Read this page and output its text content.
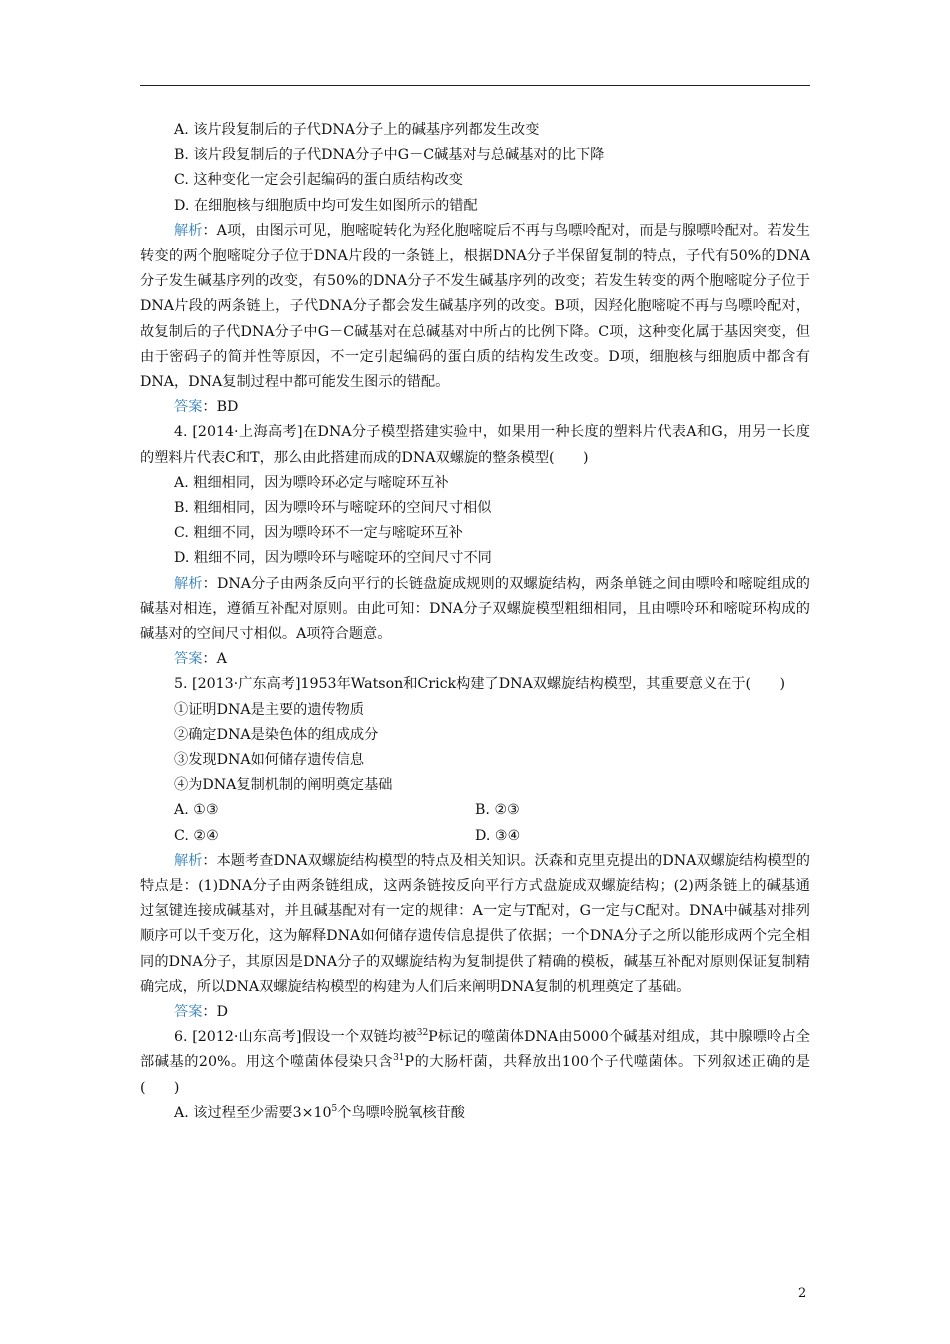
A. 该片段复制后的子代DNA分子上的碱基序列都发生改变

B. 该片段复制后的子代DNA分子中G－C碱基对与总碱基对的比下降

C. 这种变化一定会引起编码的蛋白质结构改变

D. 在细胞核与细胞质中均可发生如图所示的错配

解析：A项，由图示可见，胞嘧啶转化为羟化胞嘧啶后不再与鸟嘌呤配对，而是与腺嘌呤配对。若发生转变的两个胞嘧啶分子位于DNA片段的一条链上，根据DNA分子半保留复制的特点，子代有50%的DNA分子发生碱基序列的改变，有50%的DNA分子不发生碱基序列的改变；若发生转变的两个胞嘧啶分子位于DNA片段的两条链上，子代DNA分子都会发生碱基序列的改变。B项，因羟化胞嘧啶不再与鸟嘌呤配对，故复制后的子代DNA分子中G－C碱基对在总碱基对中所占的比例下降。C项，这种变化属于基因突变，但由于密码子的简并性等原因，不一定引起编码的蛋白质的结构发生改变。D项，细胞核与细胞质中都含有DNA，DNA复制过程中都可能发生图示的错配。

答案：BD

4. [2014·上海高考]在DNA分子模型搭建实验中，如果用一种长度的塑料片代表A和G，用另一长度的塑料片代表C和T，那么由此搭建而成的DNA双螺旋的整条模型(　　)

A. 粗细相同，因为嘌呤环必定与嘧啶环互补

B. 粗细相同，因为嘌呤环与嘧啶环的空间尺寸相似

C. 粗细不同，因为嘌呤环不一定与嘧啶环互补

D. 粗细不同，因为嘌呤环与嘧啶环的空间尺寸不同

解析：DNA分子由两条反向平行的长链盘旋成规则的双螺旋结构，两条单链之间由嘌呤和嘧啶组成的碱基对相连，遵循互补配对原则。由此可知：DNA分子双螺旋模型粗细相同，且由嘌呤环和嘧啶环构成的碱基对的空间尺寸相似。A项符合题意。

答案：A

5. [2013·广东高考]1953年Watson和Crick构建了DNA双螺旋结构模型，其重要意义在于(　　)

①证明DNA是主要的遗传物质

②确定DNA是染色体的组成成分

③发现DNA如何储存遗传信息

④为DNA复制机制的阐明奠定基础

A. ①③	B. ②③
C. ②④	D. ③④

解析：本题考查DNA双螺旋结构模型的特点及相关知识。沃森和克里克提出的DNA双螺旋结构模型的特点是：(1)DNA分子由两条链组成，这两条链按反向平行方式盘旋成双螺旋结构；(2)两条链上的碱基通过氢键连接成碱基对，并且碱基配对有一定的规律：A一定与T配对，G一定与C配对。DNA中碱基对排列顺序可以千变万化，这为解释DNA如何储存遗传信息提供了依据；一个DNA分子之所以能形成两个完全相同的DNA分子，其原因是DNA分子的双螺旋结构为复制提供了精确的模板，碱基互补配对原则保证复制精确完成，所以DNA双螺旋结构模型的构建为人们后来阐明DNA复制的机理奠定了基础。

答案：D

6. [2012·山东高考]假设一个双链均被$^{32}$P标记的噬菌体DNA由5000个碱基对组成，其中腺嘌呤占全部碱基的20%。用这个噬菌体侵染只含$^{31}$P的大肠杆菌，共释放出100个子代噬菌体。下列叙述正确的是(　　)

A. 该过程至少需要$3\times 10^5$个鸟嘌呤脱氧核苷酸

2
